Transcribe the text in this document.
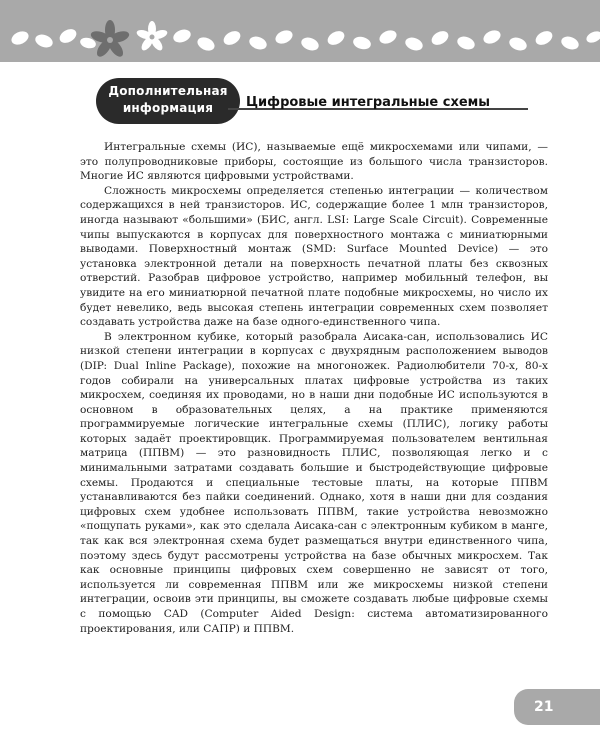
Дополнительная
информация	Цифровые интегральные схемы

Интегральные схемы (ИС), называемые ещё микросхемами или чипами, — это полупроводниковые приборы, состоящие из большого числа транзисторов. Многие ИС являются цифровыми устройствами.

Сложность микросхемы определяется степенью интеграции — количеством содержащихся в ней транзисторов. ИС, содержащие более 1 млн транзисторов, иногда называют «большими» (БИС, англ. LSI: Large Scale Circuit). Современные чипы выпускаются в корпусах для поверхностного монтажа с миниатюрными выводами. Поверхностный монтаж (SMD: Surface Mounted Device) — это установка электронной детали на поверхность печатной платы без сквозных отверстий. Разобрав цифровое устройство, например мобильный телефон, вы увидите на его миниатюрной печатной плате подобные микросхемы, но число их будет невелико, ведь высокая степень интеграции современных схем позволяет создавать устройства даже на базе одного-единственного чипа.

В электронном кубике, который разобрала Аисака-сан, использовались ИС низкой степени интеграции в корпусах с двухрядным расположением выводов (DIP: Dual Inline Package), похожие на многоножек. Радиолюбители 70-х, 80-х годов собирали на универсальных платах цифровые устройства из таких микросхем, соединяя их проводами, но в наши дни подобные ИС используются в основном в образовательных целях, а на практике применяются программируемые логические интегральные схемы (ПЛИС), логику работы которых задаёт проектировщик. Программируемая пользователем вентильная матрица (ППВМ) — это разновидность ПЛИС, позволяющая легко и с минимальными затратами создавать большие и быстродействующие цифровые схемы. Продаются и специальные тестовые платы, на которые ППВМ устанавливаются без пайки соединений. Однако, хотя в наши дни для создания цифровых схем удобнее использовать ППВМ, такие устройства невозможно «пощупать руками», как это сделала Аисака-сан с электронным кубиком в манге, так как вся электронная схема будет размещаться внутри единственного чипа, поэтому здесь будут рассмотрены устройства на базе обычных микросхем. Так как основные принципы цифровых схем совершенно не зависят от того, используется ли современная ППВМ или же микросхемы низкой степени интеграции, освоив эти принципы, вы сможете создавать любые цифровые схемы с помощью CAD (Computer Aided Design: система автоматизированного проектирования, или САПР) и ППВМ.

21
